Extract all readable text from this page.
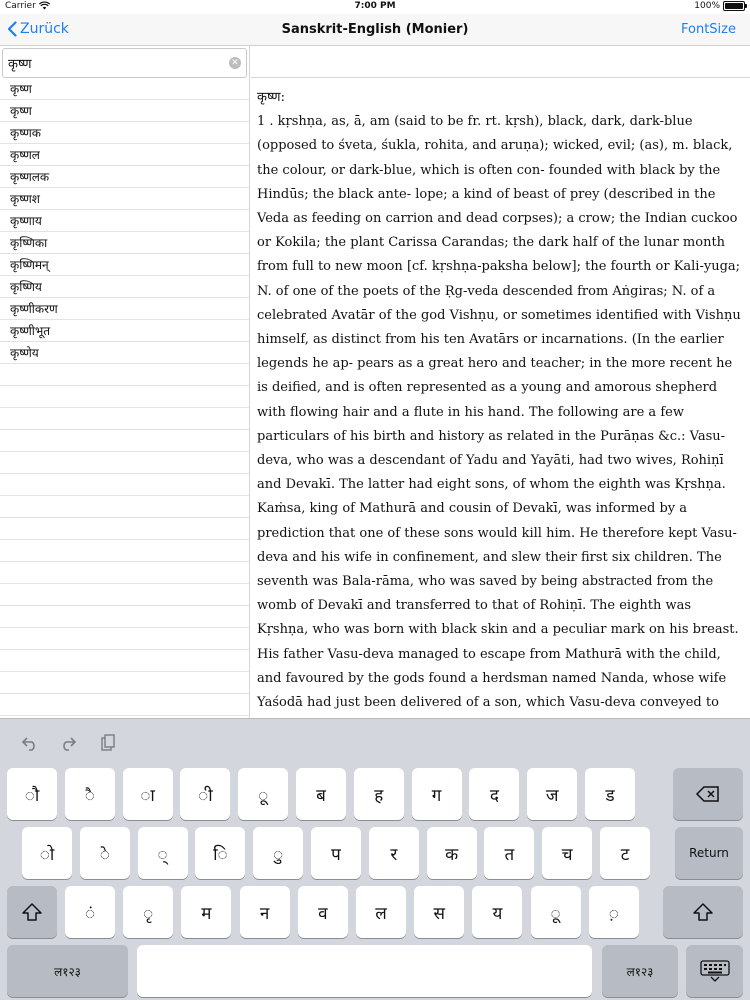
Carrier	7:00 PM	100%
Zurück	Sanskrit-English (Monier)	FontSize
कृष्ण
✕
कृष्ण
कृष्ण
कृष्णक
कृष्णल
कृष्णलक
कृष्णश
कृष्णाय
कृष्णिका
कृष्णिमन्
कृष्णिय
कृष्णीकरण
कृष्णीभूत
कृष्णेय
कृष्ण:
1 . kṛshṇa, as, ā, am (said to be fr. rt. kṛsh), black, dark, dark-blue (opposed to śveta, śukla, rohita, and aruṇa); wicked, evil; (as), m. black, the colour, or dark-blue, which is often con- founded with black by the Hindūs; the black ante- lope; a kind of beast of prey (described in the Veda as feeding on carrion and dead corpses); a crow; the Indian cuckoo or Kokila; the plant Carissa Carandas; the dark half of the lunar month from full to new moon [cf. kṛshṇa-paksha below]; the fourth or Kali-yuga; N. of one of the poets of the Ṛg-veda descended from Aṅgiras; N. of a celebrated Avatār of the god Vishṇu, or sometimes identified with Vishṇu himself, as distinct from his ten Avatārs or incarnations. (In the earlier legends he ap- pears as a great hero and teacher; in the more recent he is deified, and is often represented as a young and amorous shepherd with flowing hair and a flute in his hand. The following are a few particulars of his birth and history as related in the Purāṇas &c.: Vasu-deva, who was a descendant of Yadu and Yayāti, had two wives, Rohiṇī and Devakī. The latter had eight sons, of whom the eighth was Kṛshṇa. Kaṁsa, king of Mathurā and cousin of Devakī, was informed by a prediction that one of these sons would kill him. He therefore kept Vasu- deva and his wife in confinement, and slew their first six children. The seventh was Bala-rāma, who was saved by being abstracted from the womb of Devakī and transferred to that of Rohiṇī. The eighth was Kṛshṇa, who was born with black skin and a peculiar mark on his breast. His father Vasu-deva managed to escape from Mathurā with the child, and favoured by the gods found a herdsman named Nanda, whose wife Yaśodā had just been delivered of a son, which Vasu-deva conveyed to
ौ	ै	ा	ी	ू	ब	ह	ग	द	ज	ड
ो	े	्	ि	ु	प	र	क	त	च	ट	Return
ं	ृ	म	न	व	ल	स	य	ू	़
ल१२३	ल१२३
